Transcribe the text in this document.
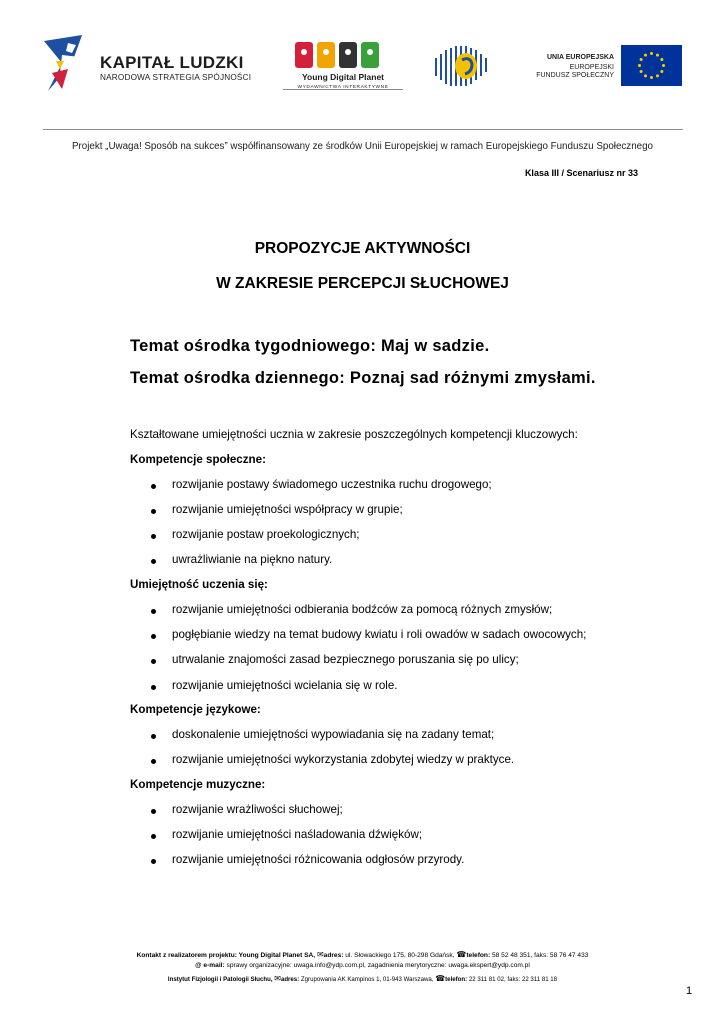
KAPITAŁ LUDZKI
NARODOWA STRATEGIA SPÓJNOŚCI	Young Digital Planet
WYDAWNICTWA INTERAKTYWNE
UNIA EUROPEJSKA
EUROPEJSKI
FUNDUSZ SPOŁECZNY
Projekt „Uwaga! Sposób na sukces” współfinansowany ze środków Unii Europejskiej w ramach Europejskiego Funduszu Społecznego
Klasa III / Scenariusz nr 33
PROPOZYCJE AKTYWNOŚCI
W ZAKRESIE PERCEPCJI SŁUCHOWEJ
Temat ośrodka tygodniowego: Maj w sadzie.
Temat ośrodka dziennego: Poznaj sad różnymi zmysłami.
Kształtowane umiejętności ucznia w zakresie poszczególnych kompetencji kluczowych:
Kompetencje społeczne:
rozwijanie postawy świadomego uczestnika ruchu drogowego;
rozwijanie umiejętności współpracy w grupie;
rozwijanie postaw proekologicznych;
uwrażliwianie na piękno natury.
Umiejętność uczenia się:
rozwijanie umiejętności odbierania bodźców za pomocą różnych zmysłów;
pogłębianie wiedzy na temat budowy kwiatu i roli owadów w sadach owocowych;
utrwalanie znajomości zasad bezpiecznego poruszania się po ulicy;
rozwijanie umiejętności wcielania się w role.
Kompetencje językowe:
doskonalenie umiejętności wypowiadania się na zadany temat;
rozwijanie umiejętności wykorzystania zdobytej wiedzy w praktyce.
Kompetencje muzyczne:
rozwijanie wrażliwości słuchowej;
rozwijanie umiejętności naśladowania dźwięków;
rozwijanie umiejętności różnicowania odgłosów przyrody.
Kontakt z realizatorem projektu: Young Digital Planet SA, ✉adres: ul. Słowackiego 175, 80-298 Gdańsk, ☎telefon: 58 52 48 351, faks: 58 76 47 433
@ e-mail: sprawy organizacyjne: uwaga.info@ydp.com.pl, zagadnienia merytoryczne: uwaga.ekspert@ydp.com.pl
Instytut Fizjologii i Patologii Słuchu, ✉adres: Zgrupowania AK Kampinos 1, 01-943 Warszawa, ☎telefon: 22 311 81 02, faks: 22 311 81 18
1
